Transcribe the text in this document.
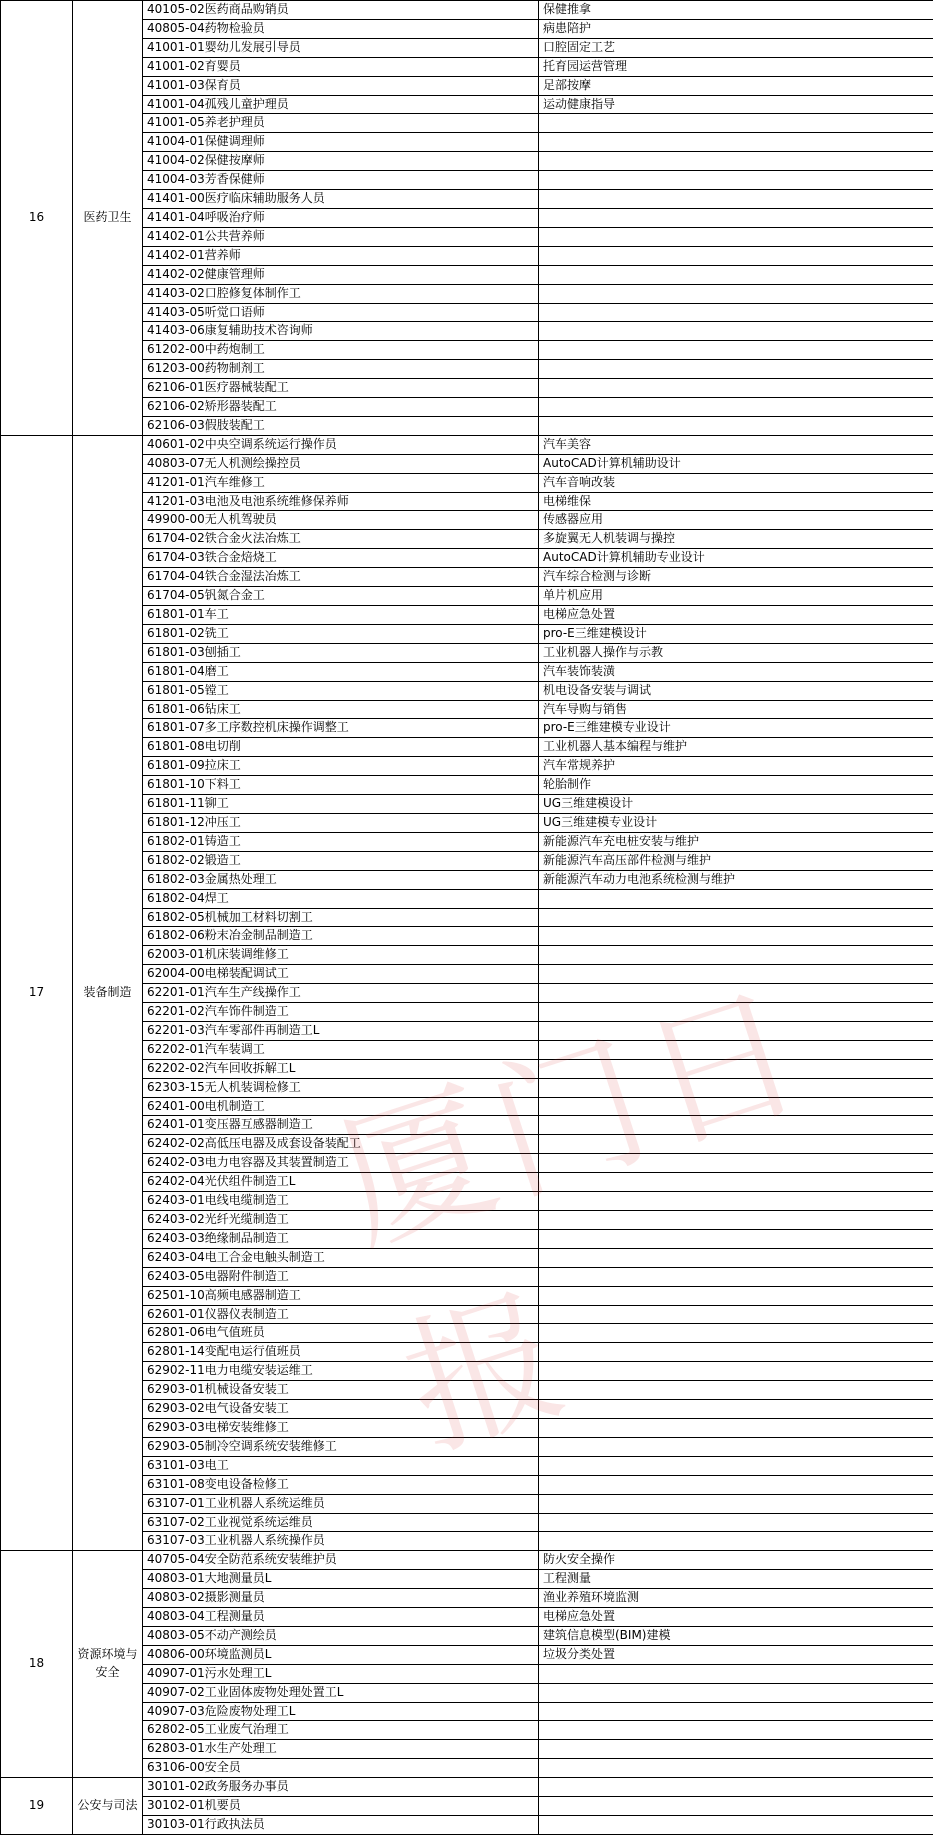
16	医药卫生	40105-02医药商品购销员	保健推拿
		40805-04药物检验员	病患陪护
		41001-01婴幼儿发展引导员	口腔固定工艺
		41001-02育婴员	托育园运营管理
		41001-03保育员	足部按摩
		41001-04孤残儿童护理员	运动健康指导
		41001-05养老护理员	
		41004-01保健调理师	
		41004-02保健按摩师	
		41004-03芳香保健师	
		41401-00医疗临床辅助服务人员	
		41401-04呼吸治疗师	
		41402-01公共营养师	
		41402-01营养师	
		41402-02健康管理师	
		41403-02口腔修复体制作工	
		41403-05听觉口语师	
		41403-06康复辅助技术咨询师	
		61202-00中药炮制工	
		61203-00药物制剂工	
		62106-01医疗器械装配工	
		62106-02矫形器装配工	
		62106-03假肢装配工	
17	装备制造	40601-02中央空调系统运行操作员	汽车美容
		40803-07无人机测绘操控员	AutoCAD计算机辅助设计
		41201-01汽车维修工	汽车音响改装
		41201-03电池及电池系统维修保养师	电梯维保
		49900-00无人机驾驶员	传感器应用
		61704-02铁合金火法冶炼工	多旋翼无人机装调与操控
		61704-03铁合金焙烧工	AutoCAD计算机辅助专业设计
		61704-04铁合金湿法冶炼工	汽车综合检测与诊断
		61704-05钒氮合金工	单片机应用
		61801-01车工	电梯应急处置
		61801-02铣工	pro-E三维建模设计
		61801-03刨插工	工业机器人操作与示教
		61801-04磨工	汽车装饰装潢
		61801-05镗工	机电设备安装与调试
		61801-06钻床工	汽车导购与销售
		61801-07多工序数控机床操作调整工	pro-E三维建模专业设计
		61801-08电切削	工业机器人基本编程与维护
		61801-09拉床工	汽车常规养护
		61801-10下料工	轮胎制作
		61801-11铆工	UG三维建模设计
		61801-12冲压工	UG三维建模专业设计
		61802-01铸造工	新能源汽车充电桩安装与维护
		61802-02锻造工	新能源汽车高压部件检测与维护
		61802-03金属热处理工	新能源汽车动力电池系统检测与维护
		61802-04焊工	
		61802-05机械加工材料切割工	
		61802-06粉末冶金制品制造工	
		62003-01机床装调维修工	
		62004-00电梯装配调试工	
		62201-01汽车生产线操作工	
		62201-02汽车饰件制造工	
		62201-03汽车零部件再制造工L	
		62202-01汽车装调工	
		62202-02汽车回收拆解工L	
		62303-15无人机装调检修工	
		62401-00电机制造工	
		62401-01变压器互感器制造工	
		62402-02高低压电器及成套设备装配工	
		62402-03电力电容器及其装置制造工	
		62402-04光伏组件制造工L	
		62403-01电线电缆制造工	
		62403-02光纤光缆制造工	
		62403-03绝缘制品制造工	
		62403-04电工合金电触头制造工	
		62403-05电器附件制造工	
		62501-10高频电感器制造工	
		62601-01仪器仪表制造工	
		62801-06电气值班员	
		62801-14变配电运行值班员	
		62902-11电力电缆安装运维工	
		62903-01机械设备安装工	
		62903-02电气设备安装工	
		62903-03电梯安装维修工	
		62903-05制冷空调系统安装维修工	
		63101-03电工	
		63101-08变电设备检修工	
		63107-01工业机器人系统运维员	
		63107-02工业视觉系统运维员	
		63107-03工业机器人系统操作员	
18	资源环境与安全	40705-04安全防范系统安装维护员	防火安全操作
		40803-01大地测量员L	工程测量
		40803-02摄影测量员	渔业养殖环境监测
		40803-04工程测量员	电梯应急处置
		40803-05不动产测绘员	建筑信息模型(BIM)建模
		40806-00环境监测员L	垃圾分类处置
		40907-01污水处理工L	
		40907-02工业固体废物处理处置工L	
		40907-03危险废物处理工L	
		62802-05工业废气治理工	
		62803-01水生产处理工	
		63106-00安全员	
19	公安与司法	30101-02政务服务办事员	
		30102-01机要员	
		30103-01行政执法员	
厦门日报
